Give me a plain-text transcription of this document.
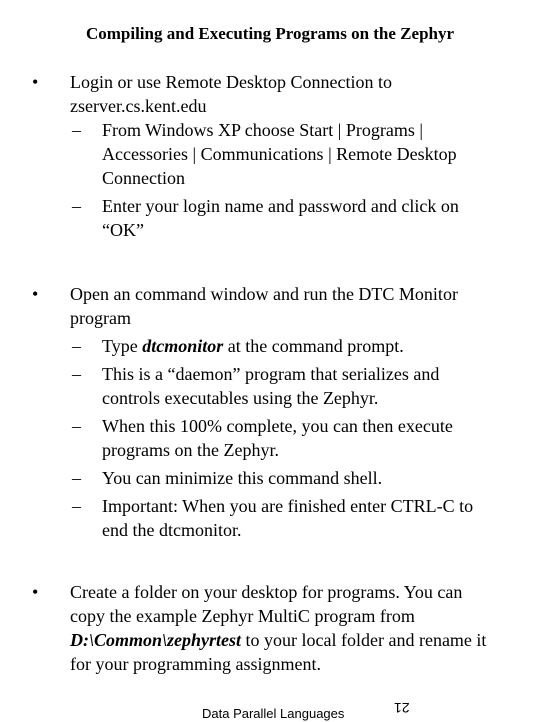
Compiling and Executing Programs on the Zephyr
•	Login or use Remote Desktop Connection to zserver.cs.kent.edu
– From Windows XP choose Start | Programs | Accessories | Communications | Remote Desktop Connection
– Enter your login name and password and click on “OK”
•	Open an command window and run the DTC Monitor program
– Type dtcmonitor at the command prompt.
– This is a “daemon” program that serializes and controls executables using the Zephyr.
– When this 100% complete, you can then execute programs on the Zephyr.
– You can minimize this command shell.
– Important: When you are finished enter CTRL-C to end the dtcmonitor.
•	Create a folder on your desktop for programs. You can copy the example Zephyr MultiC program from D:\Common\zephyrtest to your local folder and rename it for your programming assignment.
Data Parallel Languages	21
